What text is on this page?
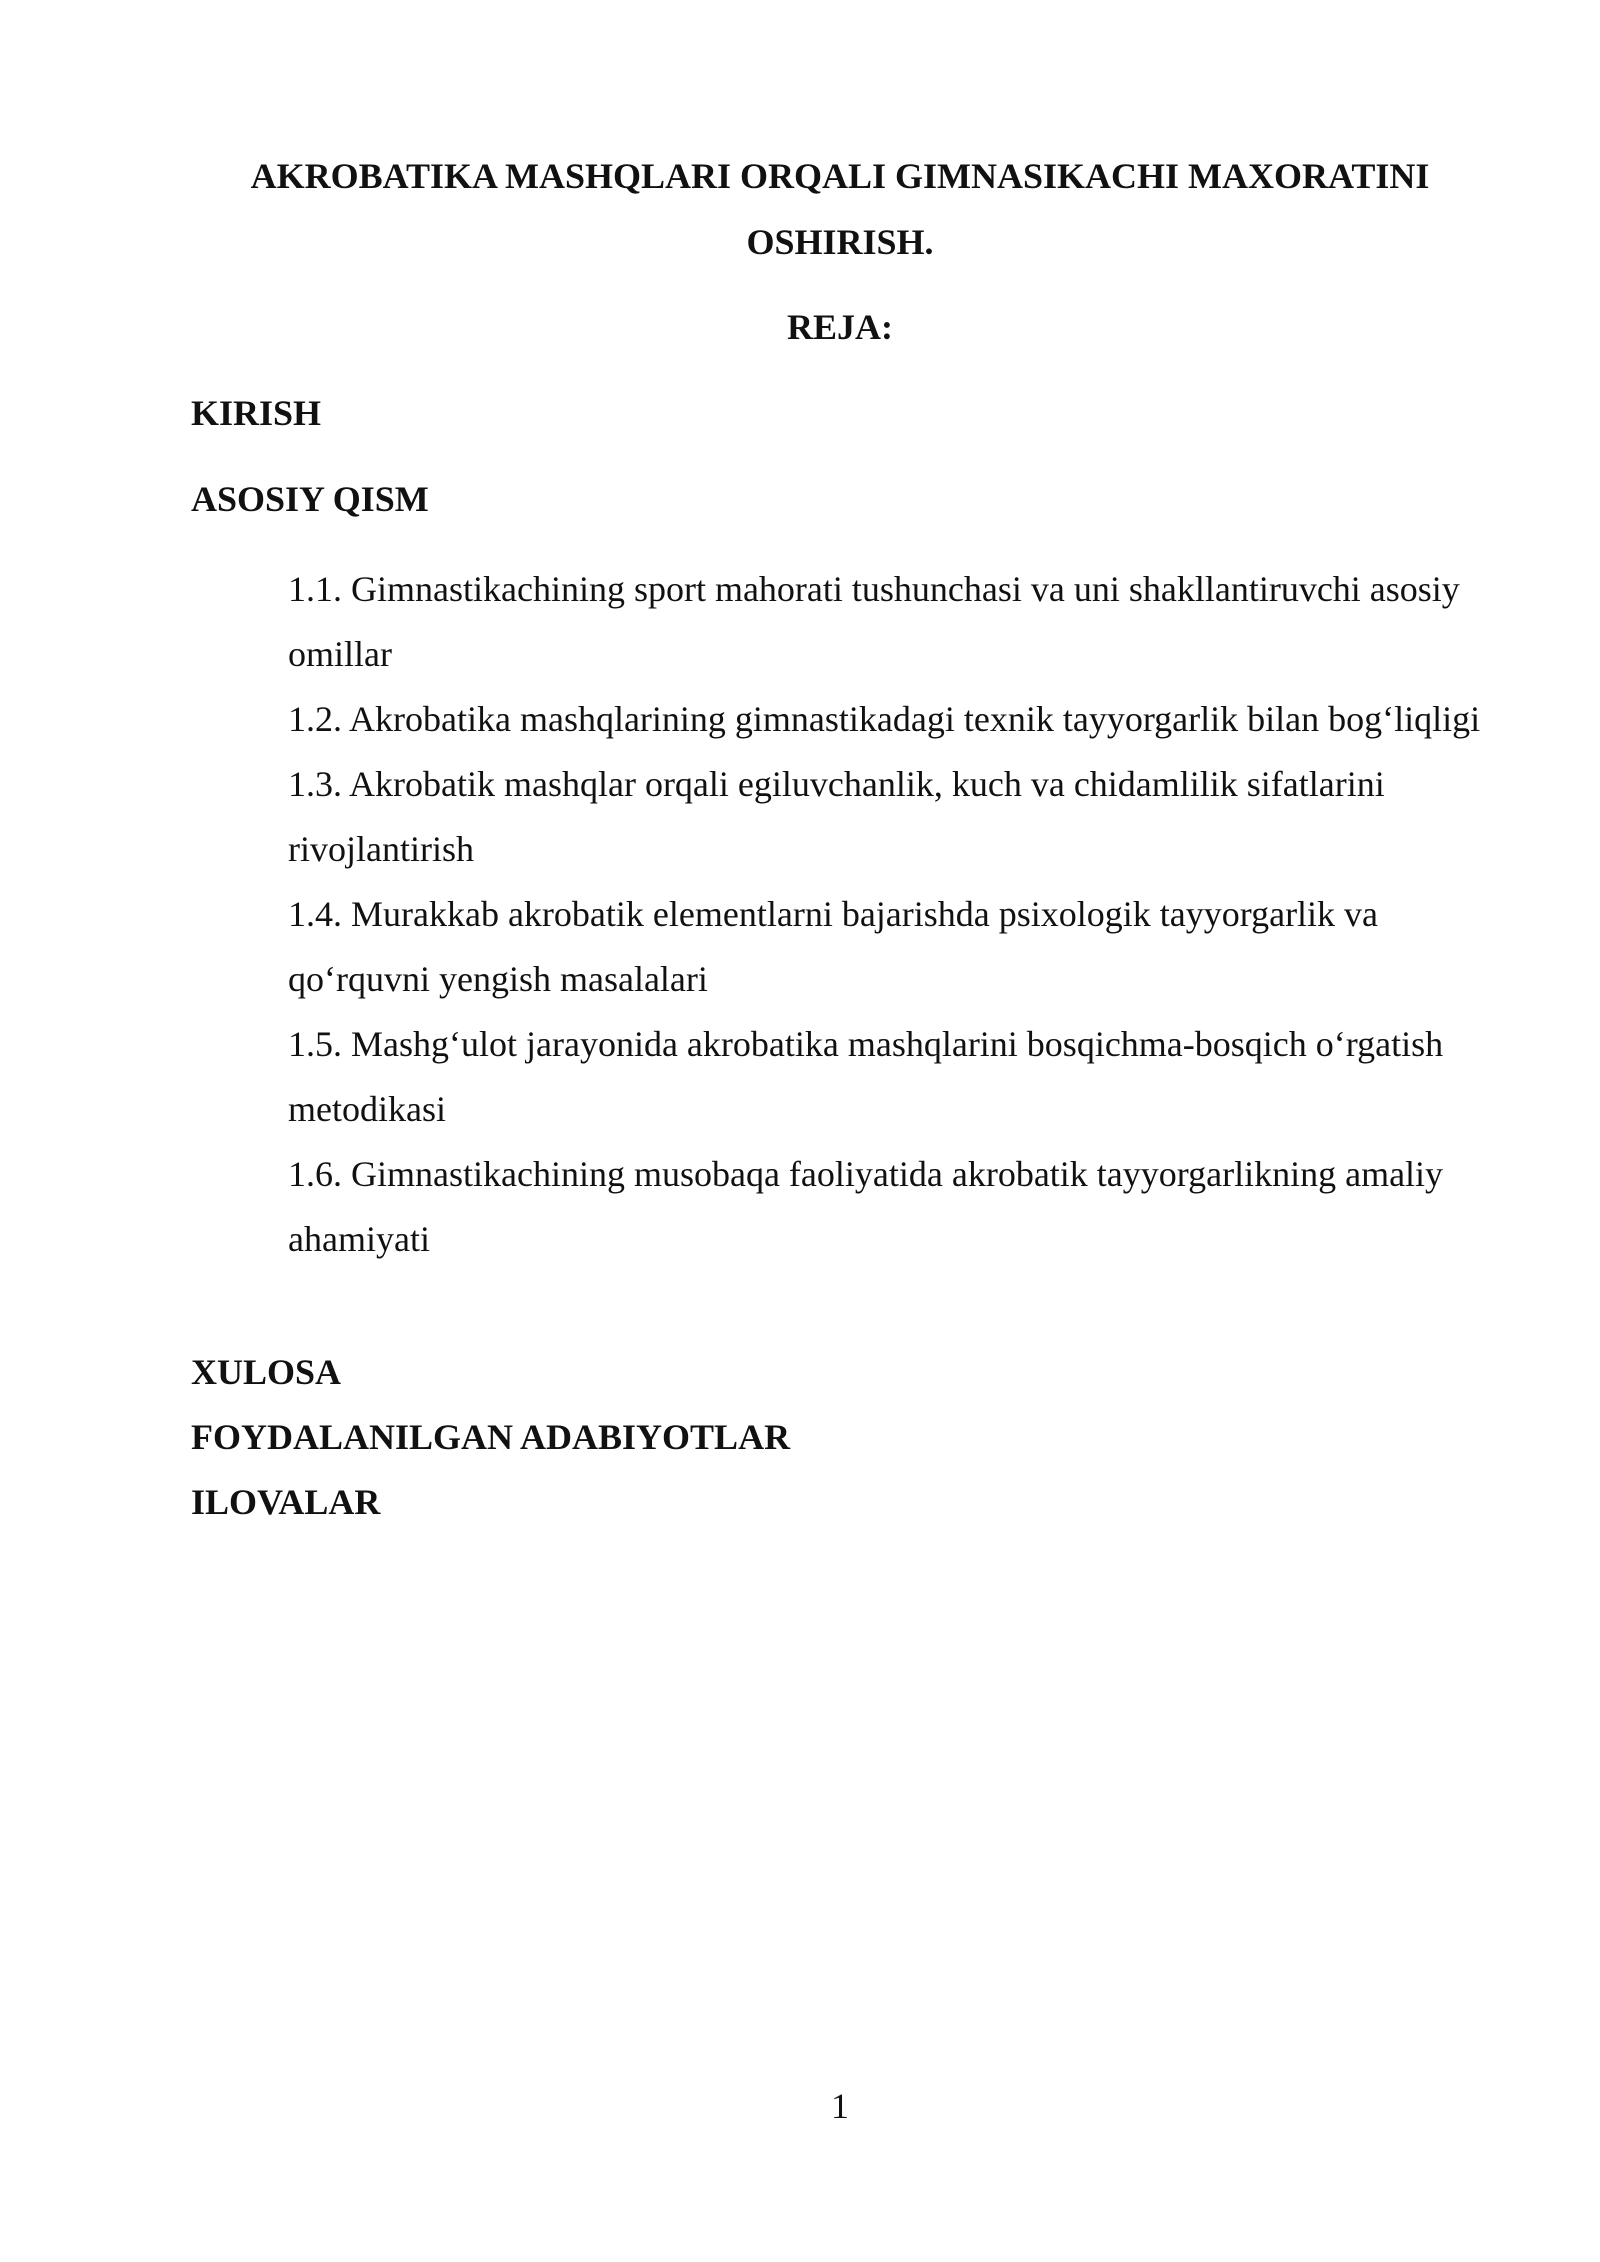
AKROBATIKA MASHQLARI ORQALI GIMNASIKACHI MAXORATINI OSHIRISH.
REJA:
KIRISH
ASOSIY QISM
1.1. Gimnastikachining sport mahorati tushunchasi va uni shakllantiruvchi asosiy omillar
1.2. Akrobatika mashqlarining gimnastikadagi texnik tayyorgarlik bilan bog‘liqligi
1.3. Akrobatik mashqlar orqali egiluvchanlik, kuch va chidamlilik sifatlarini rivojlantirish
1.4. Murakkab akrobatik elementlarni bajarishda psixologik tayyorgarlik va qo‘rquvni yengish masalalari
1.5. Mashg‘ulot jarayonida akrobatika mashqlarini bosqichma-bosqich o‘rgatish metodikasi
1.6. Gimnastikachining musobaqa faoliyatida akrobatik tayyorgarlikning amaliy ahamiyati
XULOSA
FOYDALANILGAN ADABIYOTLAR
ILOVALAR
1
